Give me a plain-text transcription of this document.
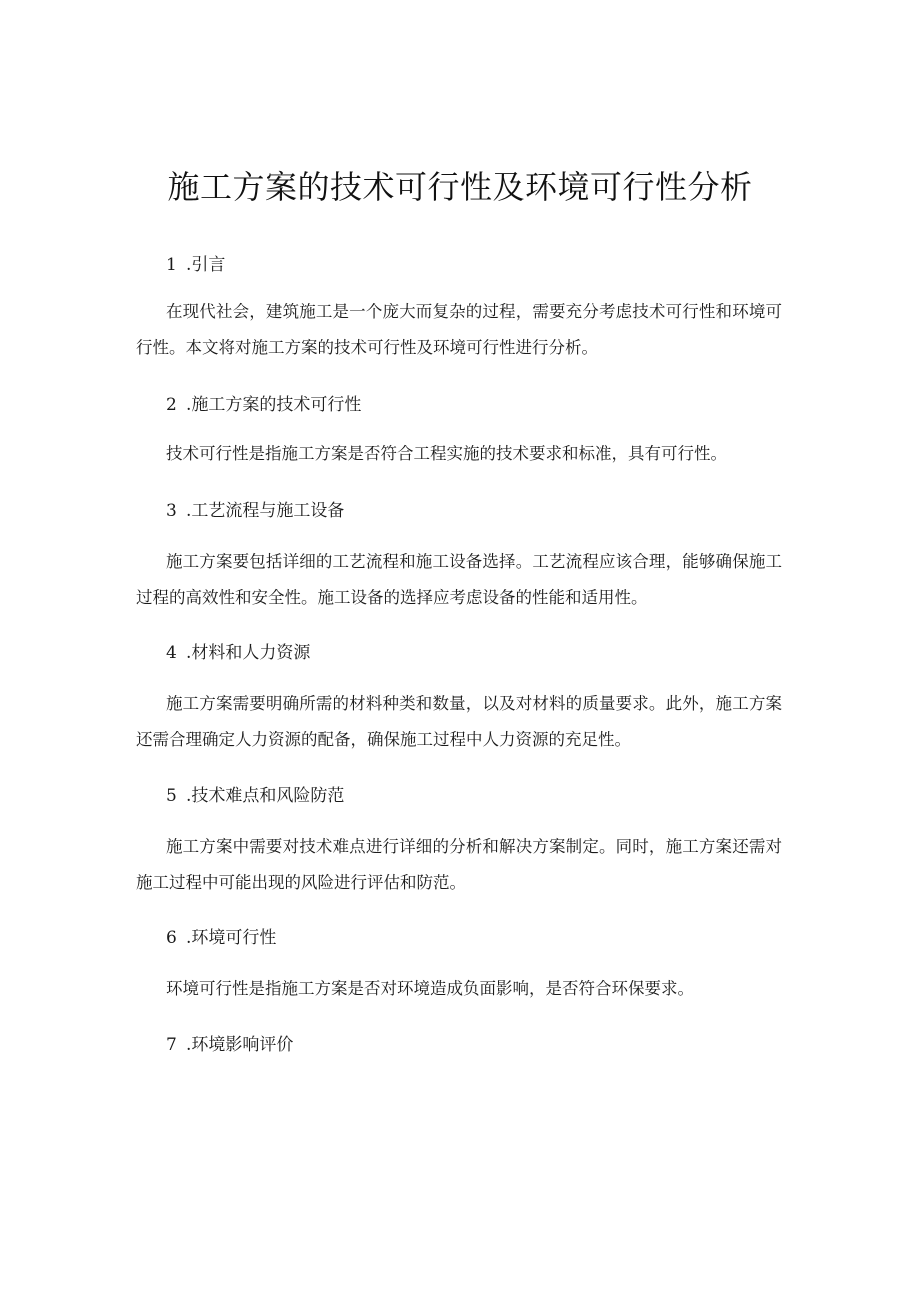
施工方案的技术可行性及环境可行性分析
1 .引言

在现代社会，建筑施工是一个庞大而复杂的过程，需要充分考虑技术可行性和环境可行性。本文将对施工方案的技术可行性及环境可行性进行分析。

2 .施工方案的技术可行性

技术可行性是指施工方案是否符合工程实施的技术要求和标准，具有可行性。

3 .工艺流程与施工设备

施工方案要包括详细的工艺流程和施工设备选择。工艺流程应该合理，能够确保施工过程的高效性和安全性。施工设备的选择应考虑设备的性能和适用性。

4 .材料和人力资源

施工方案需要明确所需的材料种类和数量，以及对材料的质量要求。此外，施工方案还需合理确定人力资源的配备，确保施工过程中人力资源的充足性。

5 .技术难点和风险防范

施工方案中需要对技术难点进行详细的分析和解决方案制定。同时，施工方案还需对施工过程中可能出现的风险进行评估和防范。

6 .环境可行性

环境可行性是指施工方案是否对环境造成负面影响，是否符合环保要求。

7 .环境影响评价
